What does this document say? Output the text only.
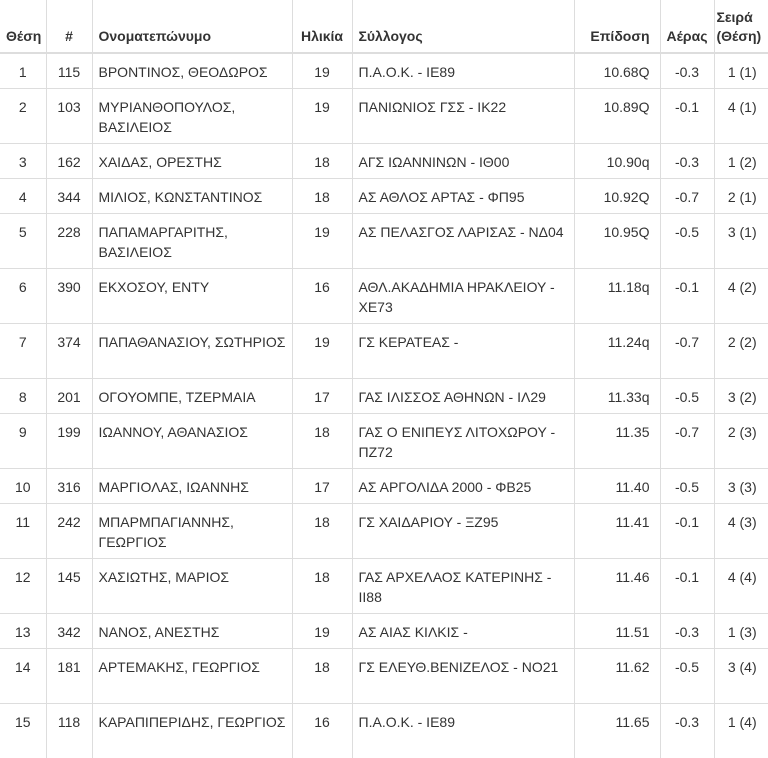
Θέση	#	Ονοματεπώνυμο	Ηλικία	Σύλλογος	Επίδοση	Αέρας	Σειρά
(Θέση)
1	115	ΒΡΟΝΤΙΝΟΣ, ΘΕΟΔΩΡΟΣ	19	Π.Α.Ο.Κ. - ΙΕ89	10.68Q	-0.3	1 (1)
2	103	ΜΥΡΙΑΝΘΟΠΟΥΛΟΣ, ΒΑΣΙΛΕΙΟΣ	19	ΠΑΝΙΩΝΙΟΣ ΓΣΣ - ΙΚ22	10.89Q	-0.1	4 (1)
3	162	ΧΑΙΔΑΣ, ΟΡΕΣΤΗΣ	18	ΑΓΣ ΙΩΑΝΝΙΝΩΝ - ΙΘ00	10.90q	-0.3	1 (2)
4	344	ΜΙΛΙΟΣ, ΚΩΝΣΤΑΝΤΙΝΟΣ	18	ΑΣ ΑΘΛΟΣ ΑΡΤΑΣ - ΦΠ95	10.92Q	-0.7	2 (1)
5	228	ΠΑΠΑΜΑΡΓΑΡΙΤΗΣ, ΒΑΣΙΛΕΙΟΣ	19	ΑΣ ΠΕΛΑΣΓΟΣ ΛΑΡΙΣΑΣ - ΝΔ04	10.95Q	-0.5	3 (1)
6	390	ΕΚΧΟΣΟΥ, ΕΝΤΥ	16	ΑΘΛ.ΑΚΑΔΗΜΙΑ ΗΡΑΚΛΕΙΟΥ - ΧΕ73	11.18q	-0.1	4 (2)
7	374	ΠΑΠΑΘΑΝΑΣΙΟΥ, ΣΩΤΗΡΙΟΣ	19	ΓΣ ΚΕΡΑΤΕΑΣ -	11.24q	-0.7	2 (2)
8	201	ΟΓΟΥΟΜΠΕ, ΤΖΕΡΜΑΙΑ	17	ΓΑΣ ΙΛΙΣΣΟΣ ΑΘΗΝΩΝ - ΙΛ29	11.33q	-0.5	3 (2)
9	199	ΙΩΑΝΝΟΥ, ΑΘΑΝΑΣΙΟΣ	18	ΓΑΣ Ο ΕΝΙΠΕΥΣ ΛΙΤΟΧΩΡΟΥ - ΠΖ72	11.35	-0.7	2 (3)
10	316	ΜΑΡΓΙΟΛΑΣ, ΙΩΑΝΝΗΣ	17	ΑΣ ΑΡΓΟΛΙΔΑ 2000 - ΦΒ25	11.40	-0.5	3 (3)
11	242	ΜΠΑΡΜΠΑΓΙΑΝΝΗΣ, ΓΕΩΡΓΙΟΣ	18	ΓΣ ΧΑΙΔΑΡΙΟΥ - ΞΖ95	11.41	-0.1	4 (3)
12	145	ΧΑΣΙΩΤΗΣ, ΜΑΡΙΟΣ	18	ΓΑΣ ΑΡΧΕΛΑΟΣ ΚΑΤΕΡΙΝΗΣ - ΙΙ88	11.46	-0.1	4 (4)
13	342	ΝΑΝΟΣ, ΑΝΕΣΤΗΣ	19	ΑΣ ΑΙΑΣ ΚΙΛΚΙΣ -	11.51	-0.3	1 (3)
14	181	ΑΡΤΕΜΑΚΗΣ, ΓΕΩΡΓΙΟΣ	18	ΓΣ ΕΛΕΥΘ.ΒΕΝΙΖΕΛΟΣ - ΝΟ21	11.62	-0.5	3 (4)
15	118	ΚΑΡΑΠΙΠΕΡΙΔΗΣ, ΓΕΩΡΓΙΟΣ	16	Π.Α.Ο.Κ. - ΙΕ89	11.65	-0.3	1 (4)
